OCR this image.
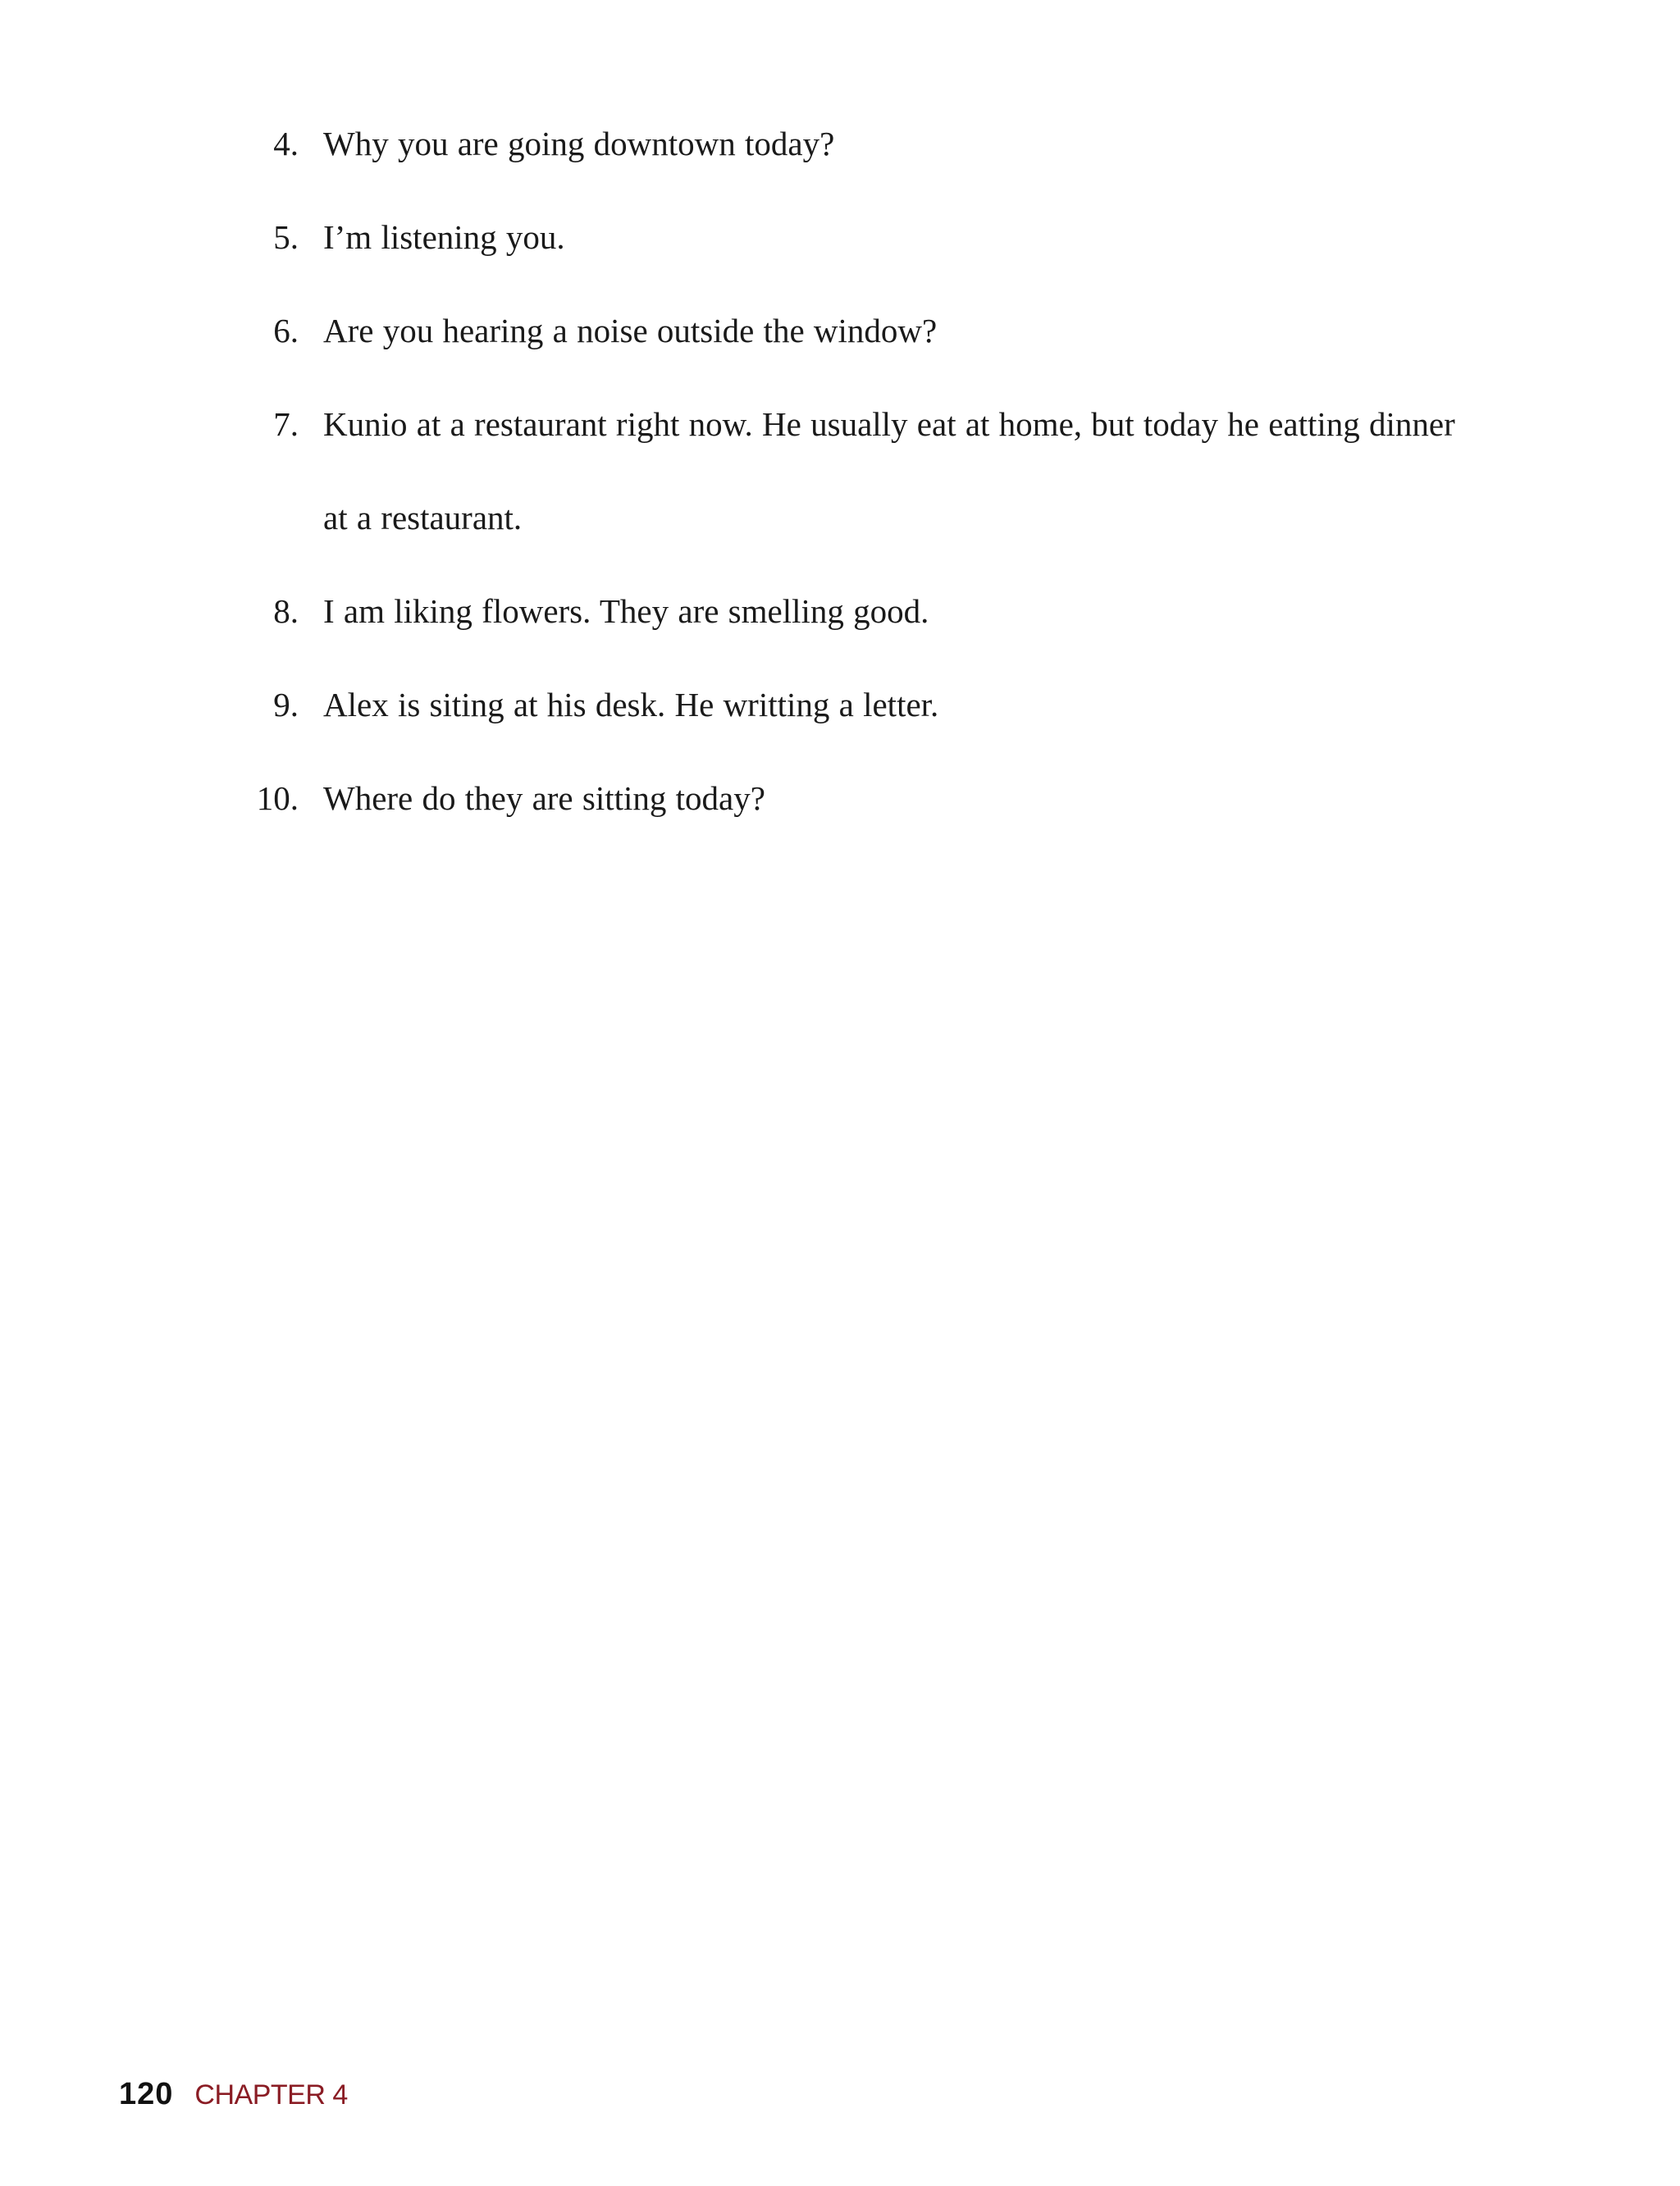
4. Why you are going downtown today?
5. I’m listening you.
6. Are you hearing a noise outside the window?
7. Kunio at a restaurant right now. He usually eat at home, but today he eatting dinner at a restaurant.
8. I am liking flowers. They are smelling good.
9. Alex is siting at his desk. He writting a letter.
10. Where do they are sitting today?
120 CHAPTER 4
